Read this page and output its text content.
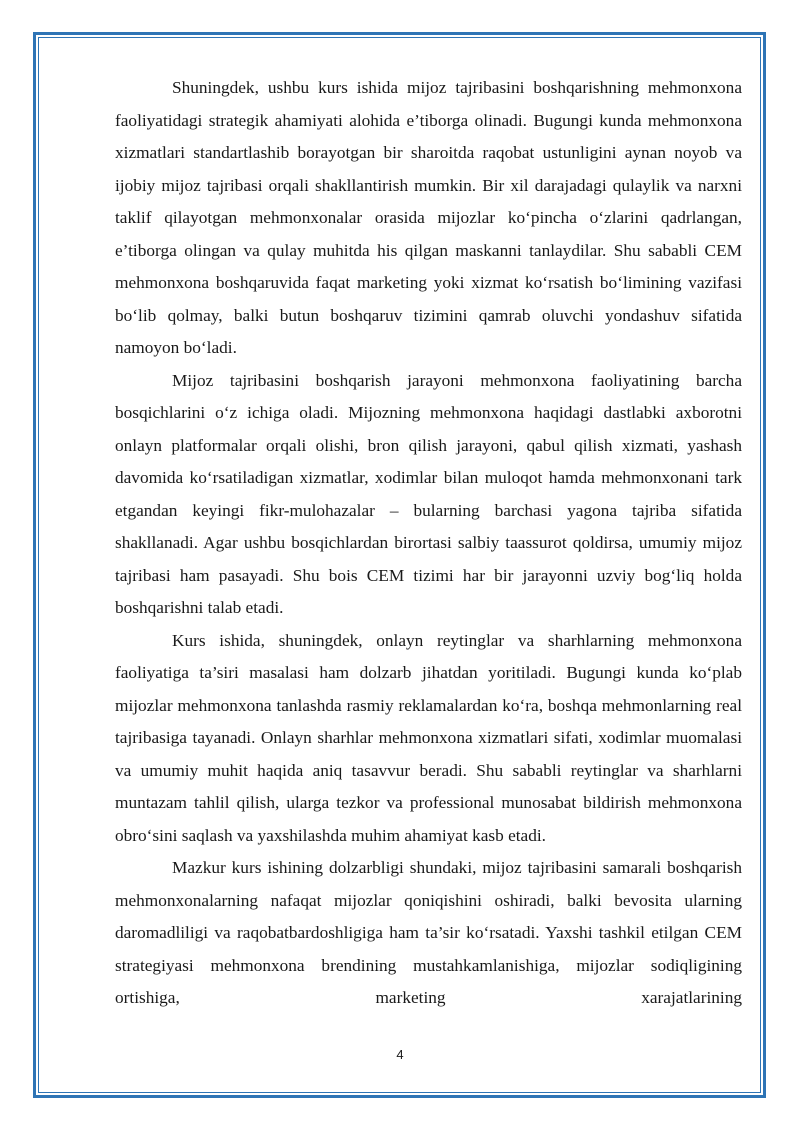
Shuningdek, ushbu kurs ishida mijoz tajribasini boshqarishning mehmonxona faoliyatidagi strategik ahamiyati alohida e’tiborga olinadi. Bugungi kunda mehmonxona xizmatlari standartlashib borayotgan bir sharoitda raqobat ustunligini aynan noyob va ijobiy mijoz tajribasi orqali shakllantirish mumkin. Bir xil darajadagi qulaylik va narxni taklif qilayotgan mehmonxonalar orasida mijozlar ko‘pincha o‘zlarini qadrlangan, e’tiborga olingan va qulay muhitda his qilgan maskanni tanlaydilar. Shu sababli CEM mehmonxona boshqaruvida faqat marketing yoki xizmat ko‘rsatish bo‘limining vazifasi bo‘lib qolmay, balki butun boshqaruv tizimini qamrab oluvchi yondashuv sifatida namoyon bo‘ladi.

Mijoz tajribasini boshqarish jarayoni mehmonxona faoliyatining barcha bosqichlarini o‘z ichiga oladi. Mijozning mehmonxona haqidagi dastlabki axborotni onlayn platformalar orqali olishi, bron qilish jarayoni, qabul qilish xizmati, yashash davomida ko‘rsatiladigan xizmatlar, xodimlar bilan muloqot hamda mehmonxonani tark etgandan keyingi fikr-mulohazalar – bularning barchasi yagona tajriba sifatida shakllanadi. Agar ushbu bosqichlardan birortasi salbiy taassurot qoldirsa, umumiy mijoz tajribasi ham pasayadi. Shu bois CEM tizimi har bir jarayonni uzviy bog‘liq holda boshqarishni talab etadi.

Kurs ishida, shuningdek, onlayn reytinglar va sharhlarning mehmonxona faoliyatiga ta’siri masalasi ham dolzarb jihatdan yoritiladi. Bugungi kunda ko‘plab mijozlar mehmonxona tanlashda rasmiy reklamalardan ko‘ra, boshqa mehmonlarning real tajribasiga tayanadi. Onlayn sharhlar mehmonxona xizmatlari sifati, xodimlar muomalasi va umumiy muhit haqida aniq tasavvur beradi. Shu sababli reytinglar va sharhlarni muntazam tahlil qilish, ularga tezkor va professional munosabat bildirish mehmonxona obro‘sini saqlash va yaxshilashda muhim ahamiyat kasb etadi.

Mazkur kurs ishining dolzarbligi shundaki, mijoz tajribasini samarali boshqarish mehmonxonalarning nafaqat mijozlar qoniqishini oshiradi, balki bevosita ularning daromadliligi va raqobatbardoshligiga ham ta’sir ko‘rsatadi. Yaxshi tashkil etilgan CEM strategiyasi mehmonxona brendining mustahkamlanishiga, mijozlar sodiqligining ortishiga, marketing xarajatlarining

4
